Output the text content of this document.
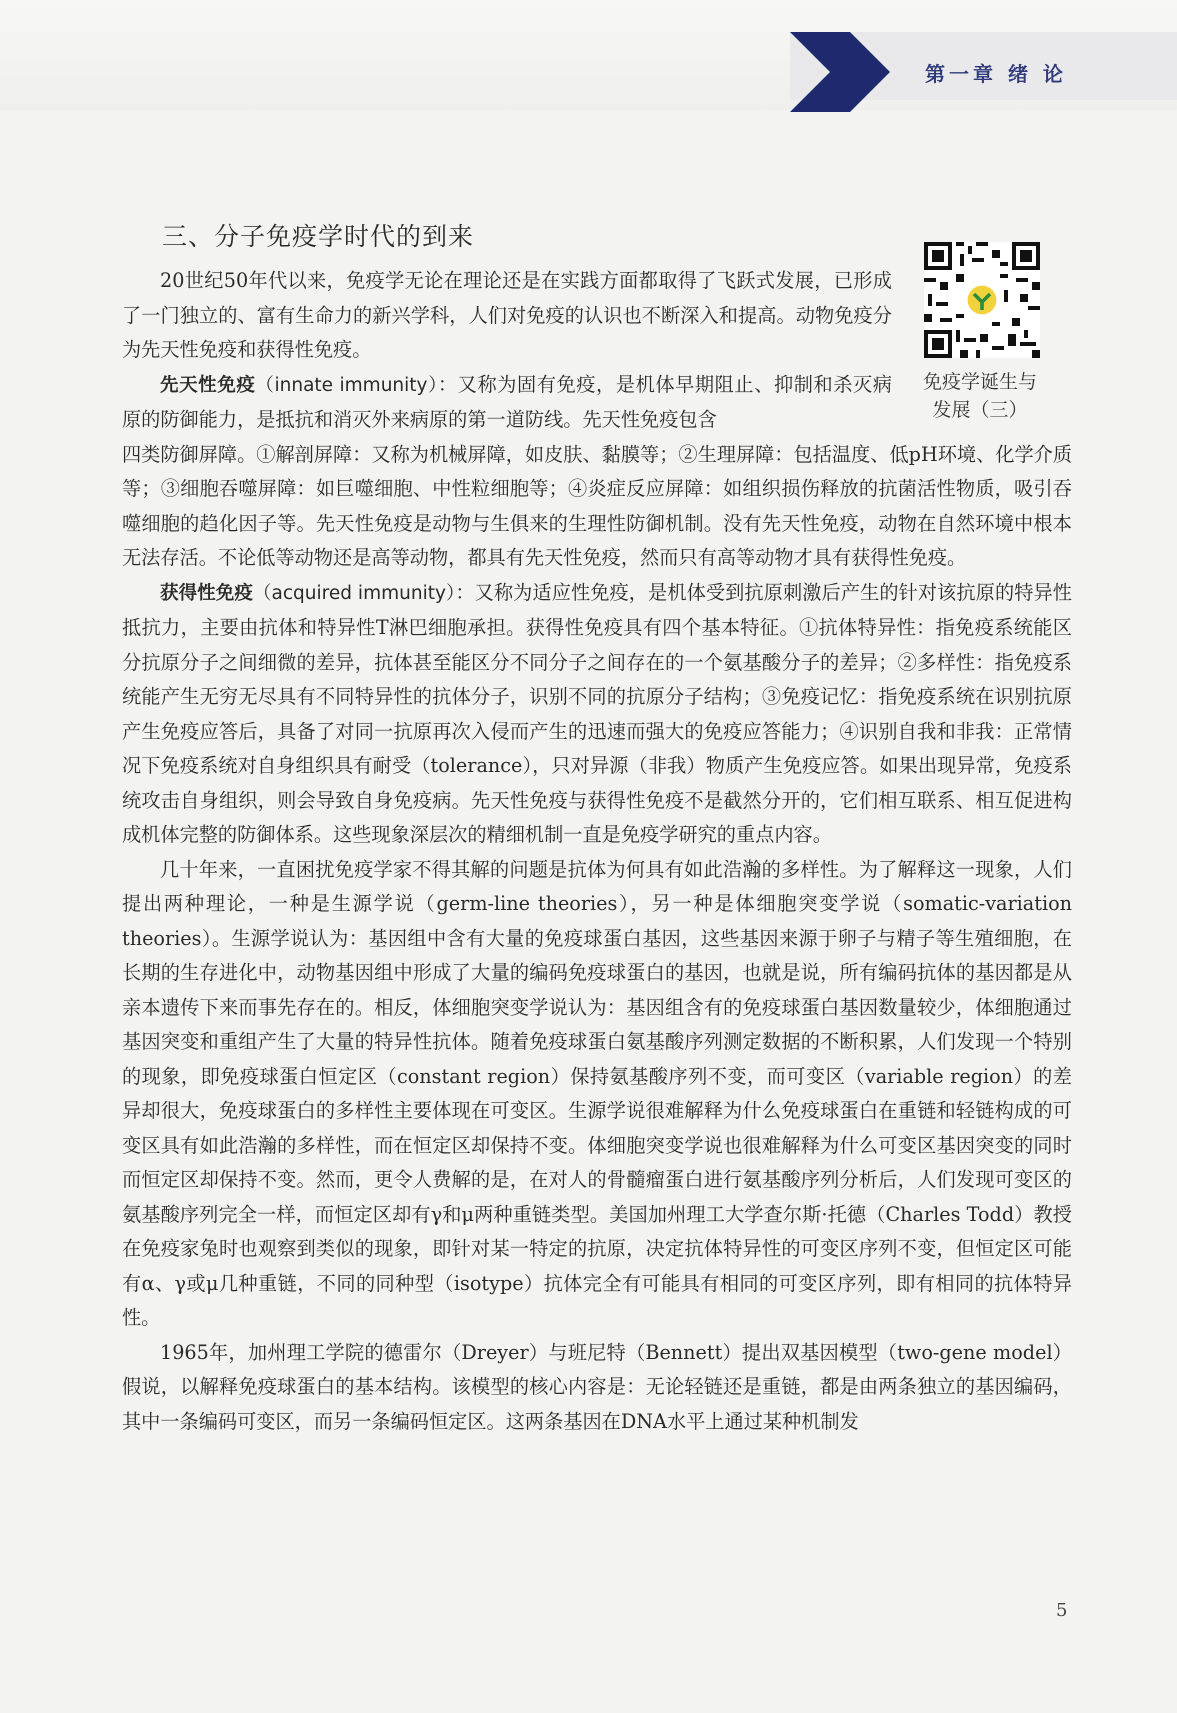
第一章 绪 论
三、分子免疫学时代的到来
免疫学诞生与
发展（三）

20世纪50年代以来，免疫学无论在理论还是在实践方面都取得了飞跃式发展，已形成了一门独立的、富有生命力的新兴学科，人们对免疫的认识也不断深入和提高。动物免疫分为先天性免疫和获得性免疫。

先天性免疫（innate immunity）：又称为固有免疫，是机体早期阻止、抑制和杀灭病原的防御能力，是抵抗和消灭外来病原的第一道防线。先天性免疫包含

四类防御屏障。①解剖屏障：又称为机械屏障，如皮肤、黏膜等；②生理屏障：包括温度、低pH环境、化学介质等；③细胞吞噬屏障：如巨噬细胞、中性粒细胞等；④炎症反应屏障：如组织损伤释放的抗菌活性物质，吸引吞噬细胞的趋化因子等。先天性免疫是动物与生俱来的生理性防御机制。没有先天性免疫，动物在自然环境中根本无法存活。不论低等动物还是高等动物，都具有先天性免疫，然而只有高等动物才具有获得性免疫。

获得性免疫（acquired immunity）：又称为适应性免疫，是机体受到抗原刺激后产生的针对该抗原的特异性抵抗力，主要由抗体和特异性T淋巴细胞承担。获得性免疫具有四个基本特征。①抗体特异性：指免疫系统能区分抗原分子之间细微的差异，抗体甚至能区分不同分子之间存在的一个氨基酸分子的差异；②多样性：指免疫系统能产生无穷无尽具有不同特异性的抗体分子，识别不同的抗原分子结构；③免疫记忆：指免疫系统在识别抗原产生免疫应答后，具备了对同一抗原再次入侵而产生的迅速而强大的免疫应答能力；④识别自我和非我：正常情况下免疫系统对自身组织具有耐受（tolerance），只对异源（非我）物质产生免疫应答。如果出现异常，免疫系统攻击自身组织，则会导致自身免疫病。先天性免疫与获得性免疫不是截然分开的，它们相互联系、相互促进构成机体完整的防御体系。这些现象深层次的精细机制一直是免疫学研究的重点内容。

几十年来，一直困扰免疫学家不得其解的问题是抗体为何具有如此浩瀚的多样性。为了解释这一现象，人们提出两种理论，一种是生源学说（germ-line theories），另一种是体细胞突变学说（somatic-variation theories）。生源学说认为：基因组中含有大量的免疫球蛋白基因，这些基因来源于卵子与精子等生殖细胞，在长期的生存进化中，动物基因组中形成了大量的编码免疫球蛋白的基因，也就是说，所有编码抗体的基因都是从亲本遗传下来而事先存在的。相反，体细胞突变学说认为：基因组含有的免疫球蛋白基因数量较少，体细胞通过基因突变和重组产生了大量的特异性抗体。随着免疫球蛋白氨基酸序列测定数据的不断积累，人们发现一个特别的现象，即免疫球蛋白恒定区（constant region）保持氨基酸序列不变，而可变区（variable region）的差异却很大，免疫球蛋白的多样性主要体现在可变区。生源学说很难解释为什么免疫球蛋白在重链和轻链构成的可变区具有如此浩瀚的多样性，而在恒定区却保持不变。体细胞突变学说也很难解释为什么可变区基因突变的同时而恒定区却保持不变。然而，更令人费解的是，在对人的骨髓瘤蛋白进行氨基酸序列分析后，人们发现可变区的氨基酸序列完全一样，而恒定区却有γ和μ两种重链类型。美国加州理工大学查尔斯·托德（Charles Todd）教授在免疫家兔时也观察到类似的现象，即针对某一特定的抗原，决定抗体特异性的可变区序列不变，但恒定区可能有α、γ或μ几种重链，不同的同种型（isotype）抗体完全有可能具有相同的可变区序列，即有相同的抗体特异性。

1965年，加州理工学院的德雷尔（Dreyer）与班尼特（Bennett）提出双基因模型（two-gene model）假说，以解释免疫球蛋白的基本结构。该模型的核心内容是：无论轻链还是重链，都是由两条独立的基因编码，其中一条编码可变区，而另一条编码恒定区。这两条基因在DNA水平上通过某种机制发

5
